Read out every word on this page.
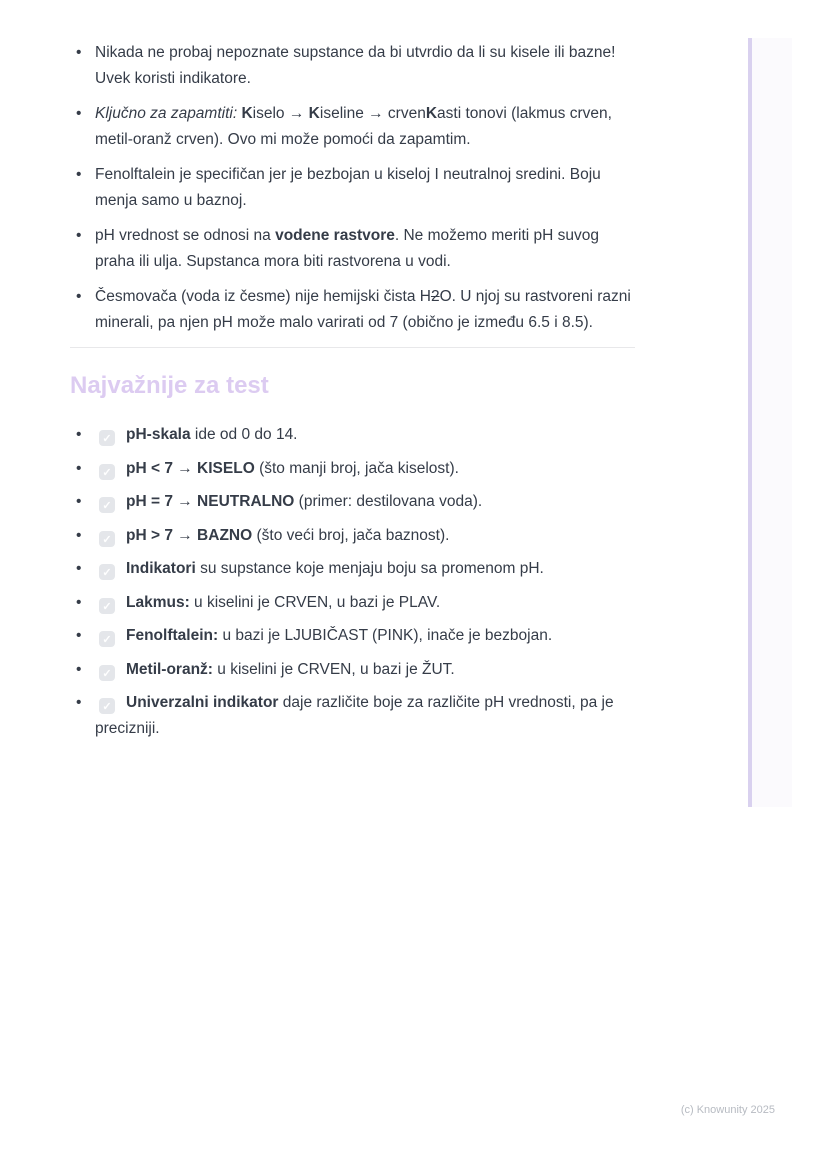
• Nikada ne probaj nepoznate supstance da bi utvrdio da li su kisele ili bazne! Uvek koristi indikatore.
• Ključno za zapamtiti: Kiselo → Kiseline → crvenKasti tonovi (lakmus crven, metil-oranž crven). Ovo mi može pomoći da zapamtim.
• Fenolftalein je specifičan jer je bezbojan u kiseloj I neutralnoj sredini. Boju menja samo u baznoj.
• pH vrednost se odnosi na vodene rastvore. Ne možemo meriti pH suvog praha ili ulja. Supstanca mora biti rastvorena u vodi.
• Česmovača (voda iz česme) nije hemijski čista H2O. U njoj su rastvoreni razni minerali, pa njen pH može malo varirati od 7 (obično je između 6.5 i 8.5).
Najvažnije za test
• ✓ pH-skala ide od 0 do 14.
• ✓ pH < 7 → KISELO (što manji broj, jača kiselost).
• ✓ pH = 7 → NEUTRALNO (primer: destilovana voda).
• ✓ pH > 7 → BAZNO (što veći broj, jača baznost).
• ✓ Indikatori su supstance koje menjaju boju sa promenom pH.
• ✓ Lakmus: u kiselini je CRVEN, u bazi je PLAV.
• ✓ Fenolftalein: u bazi je LJUBIČAST (PINK), inače je bezbojan.
• ✓ Metil-oranž: u kiselini je CRVEN, u bazi je ŽUT.
• ✓ Univerzalni indikator daje različite boje za različite pH vrednosti, pa je precizniji.
(c) Knowunity 2025
